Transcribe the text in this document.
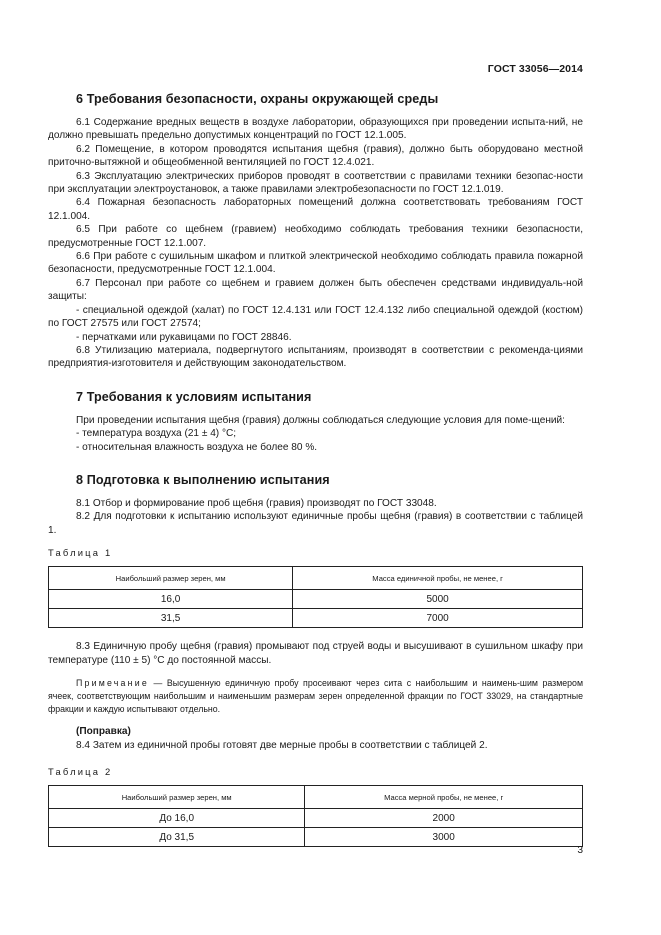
ГОСТ 33056—2014
6 Требования безопасности, охраны окружающей среды

6.1 Содержание вредных веществ в воздухе лаборатории, образующихся при проведении испыта-ний, не должно превышать предельно допустимых концентраций по ГОСТ 12.1.005.

6.2 Помещение, в котором проводятся испытания щебня (гравия), должно быть оборудовано местной приточно-вытяжной и общеобменной вентиляцией по ГОСТ 12.4.021.

6.3 Эксплуатацию электрических приборов проводят в соответствии с правилами техники безопас-ности при эксплуатации электроустановок, а также правилами электробезопасности по ГОСТ 12.1.019.

6.4 Пожарная безопасность лабораторных помещений должна соответствовать требованиям ГОСТ 12.1.004.

6.5 При работе со щебнем (гравием) необходимо соблюдать требования техники безопасности, предусмотренные ГОСТ 12.1.007.

6.6 При работе с сушильным шкафом и плиткой электрической необходимо соблюдать правила пожарной безопасности, предусмотренные ГОСТ 12.1.004.

6.7 Персонал при работе со щебнем и гравием должен быть обеспечен средствами индивидуаль-ной защиты:

- специальной одеждой (халат) по ГОСТ 12.4.131 или ГОСТ 12.4.132 либо специальной одеждой (костюм) по ГОСТ 27575 или ГОСТ 27574;

- перчатками или рукавицами по ГОСТ 28846.

6.8 Утилизацию материала, подвергнутого испытаниям, производят в соответствии с рекоменда-циями предприятия-изготовителя и действующим законодательством.

7 Требования к условиям испытания

При проведении испытания щебня (гравия) должны соблюдаться следующие условия для поме-щений:

- температура воздуха (21 ± 4) °С;

- относительная влажность воздуха не более 80 %.

8 Подготовка к выполнению испытания

8.1 Отбор и формирование проб щебня (гравия) производят по ГОСТ 33048.

8.2 Для подготовки к испытанию используют единичные пробы щебня (гравия) в соответствии с таблицей 1.

Таблица 1
Наибольший размер зерен, мм	Масса единичной пробы, не менее, г
16,0	5000
31,5	7000

8.3 Единичную пробу щебня (гравия) промывают под струей воды и высушивают в сушильном шкафу при температуре (110 ± 5) °С до постоянной массы.

Примечание — Высушенную единичную пробу просеивают через сита с наибольшим и наимень-шим размером ячеек, соответствующим наибольшим и наименьшим размерам зерен определенной фракции по ГОСТ 33029, на стандартные фракции и каждую испытывают отдельно.

(Поправка)

8.4 Затем из единичной пробы готовят две мерные пробы в соответствии с таблицей 2.

Таблица 2
Наибольший размер зерен, мм	Масса мерной пробы, не менее, г
До 16,0	2000
До 31,5	3000
3
